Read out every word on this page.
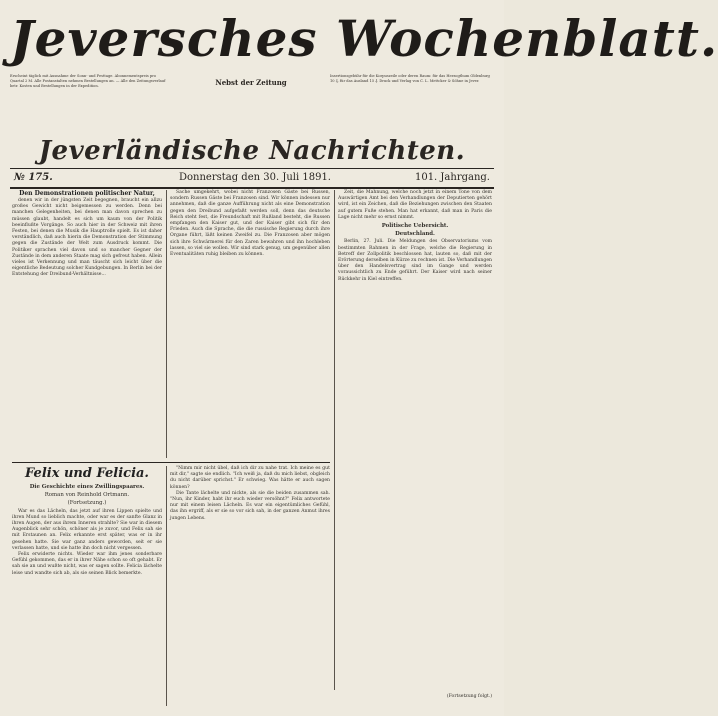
Jeversches Wochenblatt.
Erscheint täglich mit Ausnahme der Sonn- und Festtage. Abonnementspreis pro Quartal 2 M. Alle Postanstalten nehmen Bestellungen an. — Alle den Zeitungsverlauf betr. Kosten und Bestellungen in der Expedition.	Nebst der Zeitung
Insertionsgebühr für die Korpuszeile oder deren Raum: für das Herzogthum Oldenburg 10 ₰, für das Ausland 15 ₰. Druck und Verlag von C. L. Mettcker & Söhne in Jever.
Jeverländische Nachrichten.
№ 175.	Donnerstag den 30. Juli 1891.	101. Jahrgang.
Den Demonstrationen politischer Natur,

denen wir in der jüngsten Zeit begegnen, braucht ein allzu großes Gewicht nicht beigemessen zu werden. Denn bei manchen Gelegenheiten, bei denen man davon sprechen zu müssen glaubt, handelt es sich um kaum von der Politik beeinflußte Vorgänge. So auch hier in der Schweiz mit ihren Festen, bei denen die Musik die Hauptrolle spielt. Es ist daher verständlich, daß auch hierin die Demonstration der Stimmung gegen die Zustände der Welt zum Ausdruck kommt. Die Politiker sprachen viel davon und so mancher Gegner der Zustände in dem anderen Staate mag sich gefreut haben. Allein vieles ist Verkennung und man täuscht sich leicht über die eigentliche Bedeutung solcher Kundgebungen. In Berlin bei der Entstehung der Dreibund-Verhältnisse...

Sache umgekehrt, wobei nicht Franzosen Gäste bei Russen, sondern Russen Gäste bei Franzosen sind. Wir können indessen nur annehmen, daß die ganze Aufführung nicht als eine Demonstration gegen den Dreibund aufgefaßt werden soll, denn das deutsche Reich steht fest, die Freundschaft mit Rußland besteht, die Russen empfangen den Kaiser gut, und der Kaiser gibt sich für den Frieden. Auch die Sprache, die die russische Regierung durch ihre Organe führt, läßt keinen Zweifel zu. Die Franzosen aber mögen sich ihre Schwärmerei für den Zaren bewahren und ihn hochleben lassen, so viel sie wollen. Wir sind stark genug, um gegenüber allen Eventualitäten ruhig bleiben zu können.

Zeit, die Mahnung, welche noch jetzt in einem Tone von dem Auswärtigen Amt bei den Verhandlungen der Deputierten gehört wird, ist ein Zeichen, daß die Beziehungen zwischen den Staaten auf gutem Fuße stehen. Man hat erkannt, daß man in Paris die Lage nicht mehr so ernst nimmt.

Politische Uebersicht.
Deutschland.

Berlin, 27. Juli. Die Meldungen des Observatoriums vom bestimmten Rahmen in der Frage, welche die Regierung in Betreff der Zollpolitik beschlossen hat, lauten so, daß mit der Erörterung derselben in Kürze zu rechnen ist. Die Verhandlungen über den Handelsvertrag sind im Gange und werden voraussichtlich zu Ende geführt. Der Kaiser wird nach seiner Rückkehr in Kiel eintreffen.

Felix und Felicia.
Die Geschichte eines Zwillingspaares.
Roman von Reinhold Ortmann.
(Fortsetzung.)

War es das Lächeln, das jetzt auf ihren Lippen spielte und ihren Mund so lieblich machte, oder war es der sanfte Glanz in ihren Augen, der aus ihrem Inneren strahlte? Sie war in diesem Augenblick sehr schön, schöner als je zuvor, und Felix sah sie mit Erstaunen an. Felix erkannte erst später, was er in ihr gesehen hatte. Sie war ganz anders geworden, seit er sie verlassen hatte, und sie hatte ihn doch nicht vergessen.

Felix erwiderte nichts. Wieder war ihm jenes sonderbare Gefühl gekommen, das er in ihrer Nähe schon so oft gehabt. Er sah sie an und wußte nicht, was er sagen sollte. Felicia lächelte leise und wandte sich ab, als sie seinen Blick bemerkte.

"Nimm mir nicht übel, daß ich dir zu nahe trat. Ich meine es gut mit dir," sagte sie endlich. "Ich weiß ja, daß du mich liebst, obgleich du nicht darüber sprichst." Er schwieg. Was hätte er auch sagen können?

Die Tante lächelte und nickte, als sie die beiden zusammen sah. "Nun, ihr Kinder, habt ihr euch wieder versöhnt?" Felix antwortete nur mit einem leisen Lächeln. Es war ein eigentümliches Gefühl, das ihn ergriff, als er sie so vor sich sah, in der ganzen Anmut ihres jungen Lebens.

(Fortsetzung folgt.)
